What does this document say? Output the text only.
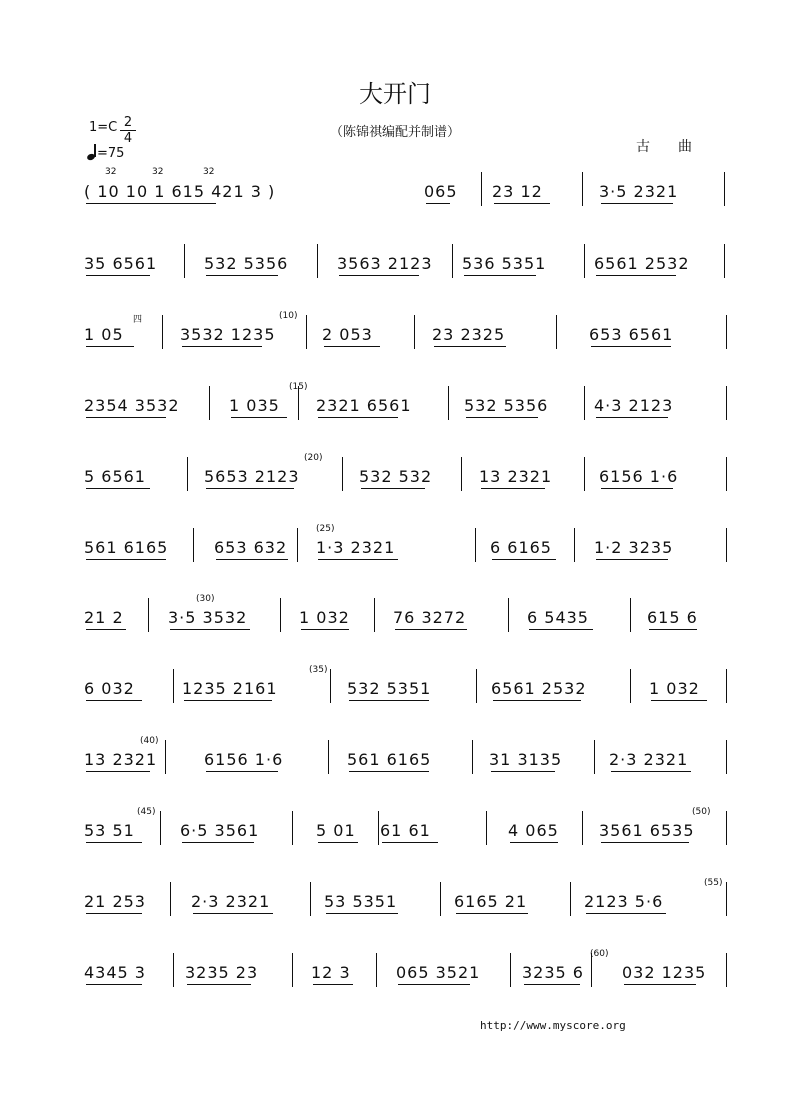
大开门
（陈锦祺编配并制谱）
1=C 2
4
=75	古曲
( 10 10 1 615 421 3 )	065 23 12	3·5 2321
35 6561	532 5356	3563 2123 536 5351	6561 2532
1 05	3532 1235	2 053	23 2325	653 6561
2354 3532	1 035 2321 6561	532 5356	4·3 2123
5 6561	5653 2123	532 532	13 2321	6156 1·6
561 6165	653 632 1·3 2321	6 6165	1·2 3235
21 2	3·5 3532	1 032	76 3272	6 5435	615 6
6 032	1235 2161	532 5351	6561 2532	1 032
13 2321	6156 1·6	561 6165	31 3135	2·3 2321
53 51	6·5 3561	5 01 61 61	4 065	3561 6535
21 253	2·3 2321	53 5351	6165 21	2123 5·6
4345 3 3235 23	12 3	065 3521	3235 6 032 1235
http://www.myscore.org
(10)
(15)
(20)
(25)
(30)
(35)
(40)
(45)	(50)
(55)
(60)
32	32	32
四
